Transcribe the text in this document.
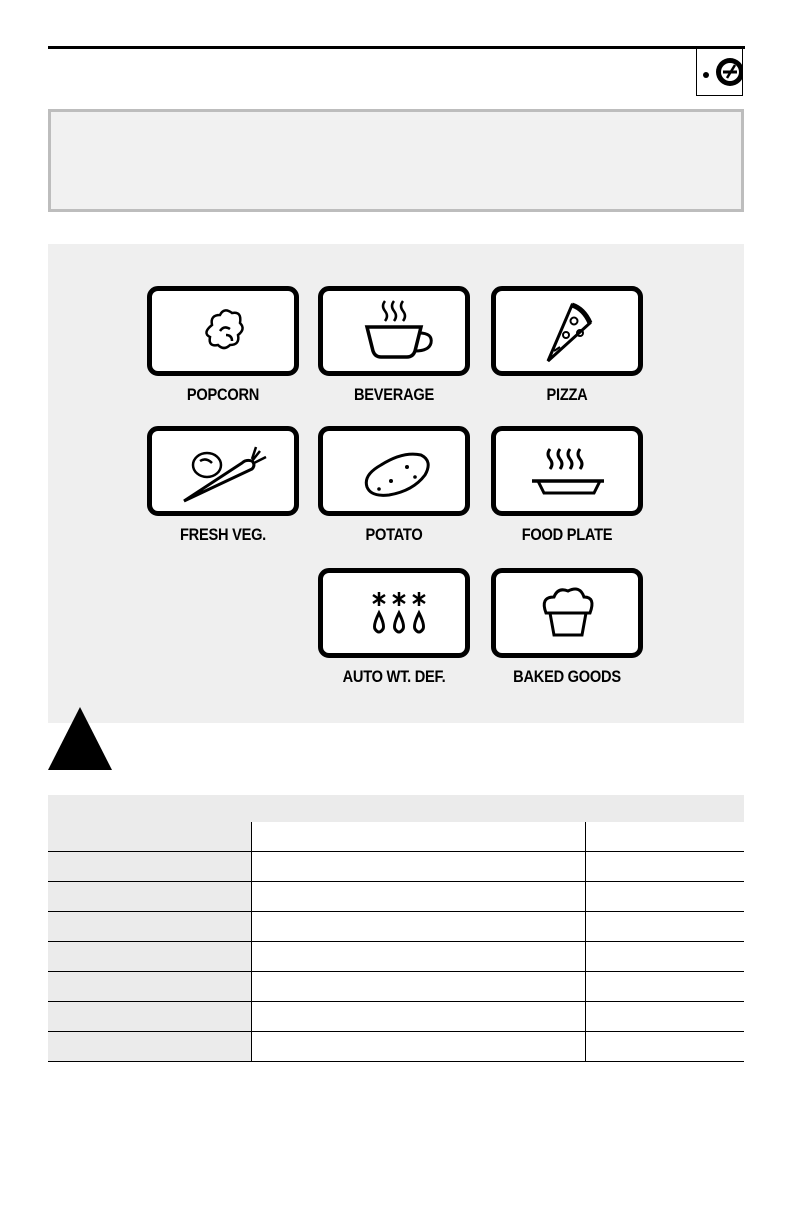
POPCORN	BEVERAGE	PIZZA
FRESH VEG.	POTATO	FOOD PLATE
AUTO WT. DEF.	BAKED GOODS
